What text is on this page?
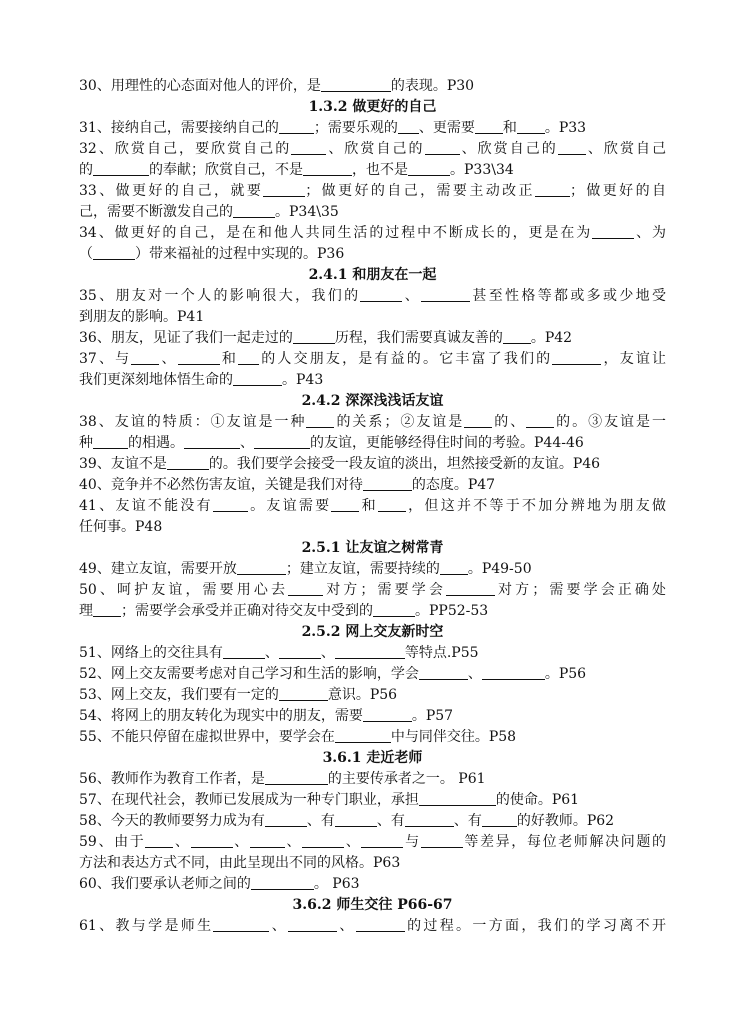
30、用理性的心态面对他人的评价，是	的表现。P30
1.3.2 做更好的自己
31、接纳自己，需要接纳自己的	；需要乐观的 、更需要 和 。P33
32、欣赏自己，要欣赏自己的	、欣赏自己的	、欣赏自己的 、欣赏自己
的	的奉献；欣赏自己，不是	，也不是	。P33\34
33、做更好的自己，就要	；做更好的自己，需要主动改正	；做更好的自
己，需要不断激发自己的	。P34\35
34、做更好的自己，是在和他人共同生活的过程中不断成长的，更是在为	、为
（	）带来福祉的过程中实现的。P36
2.4.1 和朋友在一起
35、朋友对一个人的影响很大，我们的	、	甚至性格等都或多或少地受
到朋友的影响。P41
36、朋友，见证了我们一起走过的	历程，我们需要真诚友善的 。P42
37、与 、	和 的人交朋友，是有益的。它丰富了我们的	，友谊让
我们更深刻地体悟生命的	。P43
2.4.2 深深浅浅话友谊
38、友谊的特质：①友谊是一种 的关系；②友谊是 的、 的。③友谊是一
种	的相遇。	、	的友谊，更能够经得住时间的考验。P44-46
39、友谊不是	的。我们要学会接受一段友谊的淡出，坦然接受新的友谊。P46
40、竞争并不必然伤害友谊，关键是我们对待	的态度。P47
41、友谊不能没有	。友谊需要 和 ，但这并不等于不加分辨地为朋友做
任何事。P48
2.5.1 让友谊之树常青
49、建立友谊，需要开放	；建立友谊，需要持续的 。P49-50
50、呵护友谊，需要用心去	对方；需要学会	对方；需要学会正确处
理 ；需要学会承受并正确对待交友中受到的	。PP52-53
2.5.2 网上交友新时空
51、网络上的交往具有	、	、	等特点.P55
52、网上交友需要考虑对自己学习和生活的影响，学会	、	。P56
53、网上交友，我们要有一定的	意识。P56
54、将网上的朋友转化为现实中的朋友，需要	。P57
55、不能只停留在虚拟世界中，要学会在	中与同伴交往。P58
3.6.1 走近老师
56、教师作为教育工作者，是	的主要传承者之一。 P61
57、在现代社会，教师已发展成为一种专门职业，承担	的使命。P61
58、今天的教师要努力成为有	、有	、有	、有	的好教师。P62
59、由于 、	、	、	、	与	等差异，每位老师解决问题的
方法和表达方式不同，由此呈现出不同的风格。P63
60、我们要承认老师之间的	。 P63
3.6.2 师生交往 P66-67
61、教与学是师生	、	、	的过程。一方面，我们的学习离不开
